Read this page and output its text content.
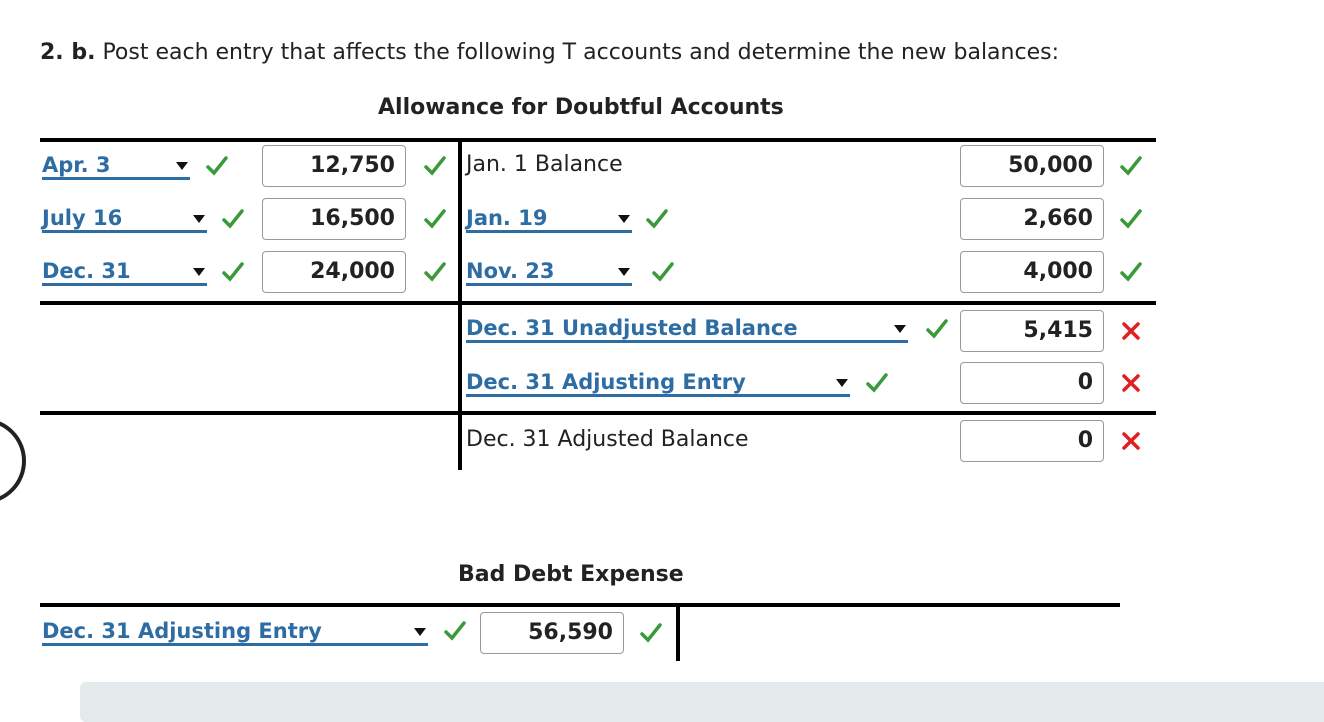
2. b. Post each entry that affects the following T accounts and determine the new balances:
Allowance for Doubtful Accounts
Apr. 3	12,750
July 16	16,500
Dec. 31	24,000
Jan. 1 Balance	50,000
Jan. 19	2,660
Nov. 23	4,000
Dec. 31 Unadjusted Balance	5,415
Dec. 31 Adjusting Entry	0
Dec. 31 Adjusted Balance	0
Bad Debt Expense
Dec. 31 Adjusting Entry	56,590
